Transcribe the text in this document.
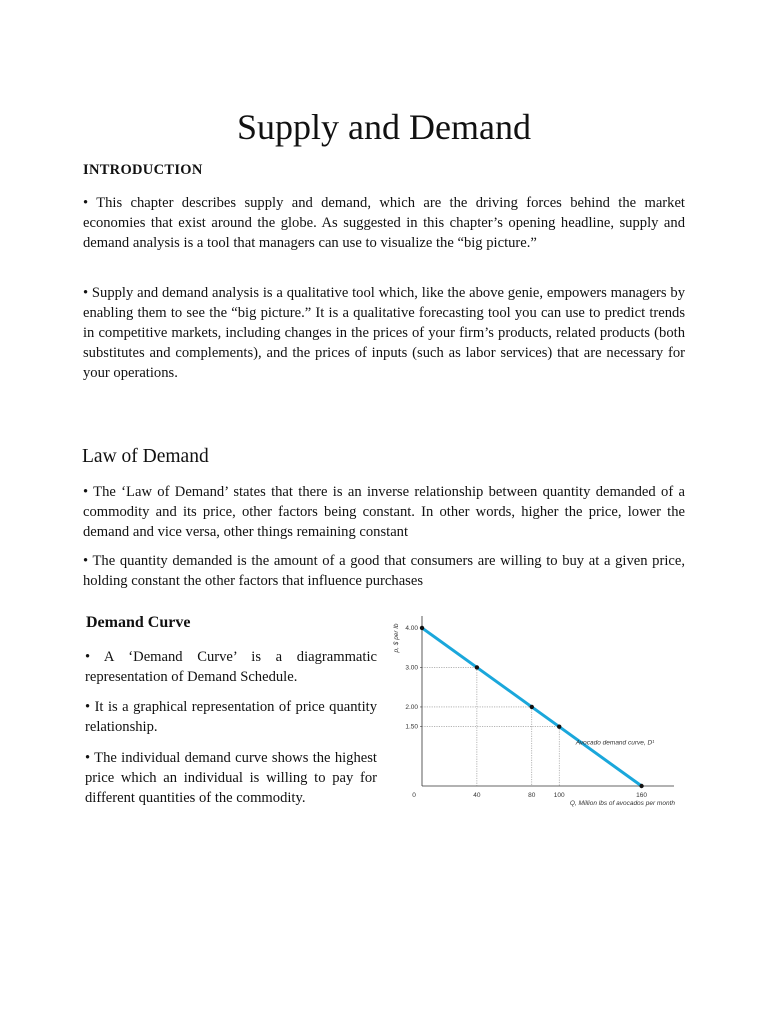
Supply and Demand

INTRODUCTION

• This chapter describes supply and demand, which are the driving forces behind the market economies that exist around the globe. As suggested in this chapter’s opening headline, supply and demand analysis is a tool that managers can use to visualize the “big picture.”

• Supply and demand analysis is a qualitative tool which, like the above genie, empowers managers by enabling them to see the “big picture.” It is a qualitative forecasting tool you can use to predict trends in competitive markets, including changes in the prices of your firm’s products, related products (both substitutes and complements), and the prices of inputs (such as labor services) that are necessary for your operations.

Law of Demand

• The ‘Law of Demand’ states that there is an inverse relationship between quantity demanded of a commodity and its price, other factors being constant. In other words, higher the price, lower the demand and vice versa, other things remaining constant

• The quantity demanded is the amount of a good that consumers are willing to buy at a given price, holding constant the other factors that influence purchases

Demand Curve

• A ‘Demand Curve’ is a diagrammatic representation of Demand Schedule.

• It is a graphical representation of price quantity relationship.

• The individual demand curve shows the highest price which an individual is willing to pay for different quantities of the commodity.

p, $ per lb
1.50
2.00
3.00
4.00
0	40	80	100	160
Q, Million lbs of avocados per month
Avocado demand curve, D¹
